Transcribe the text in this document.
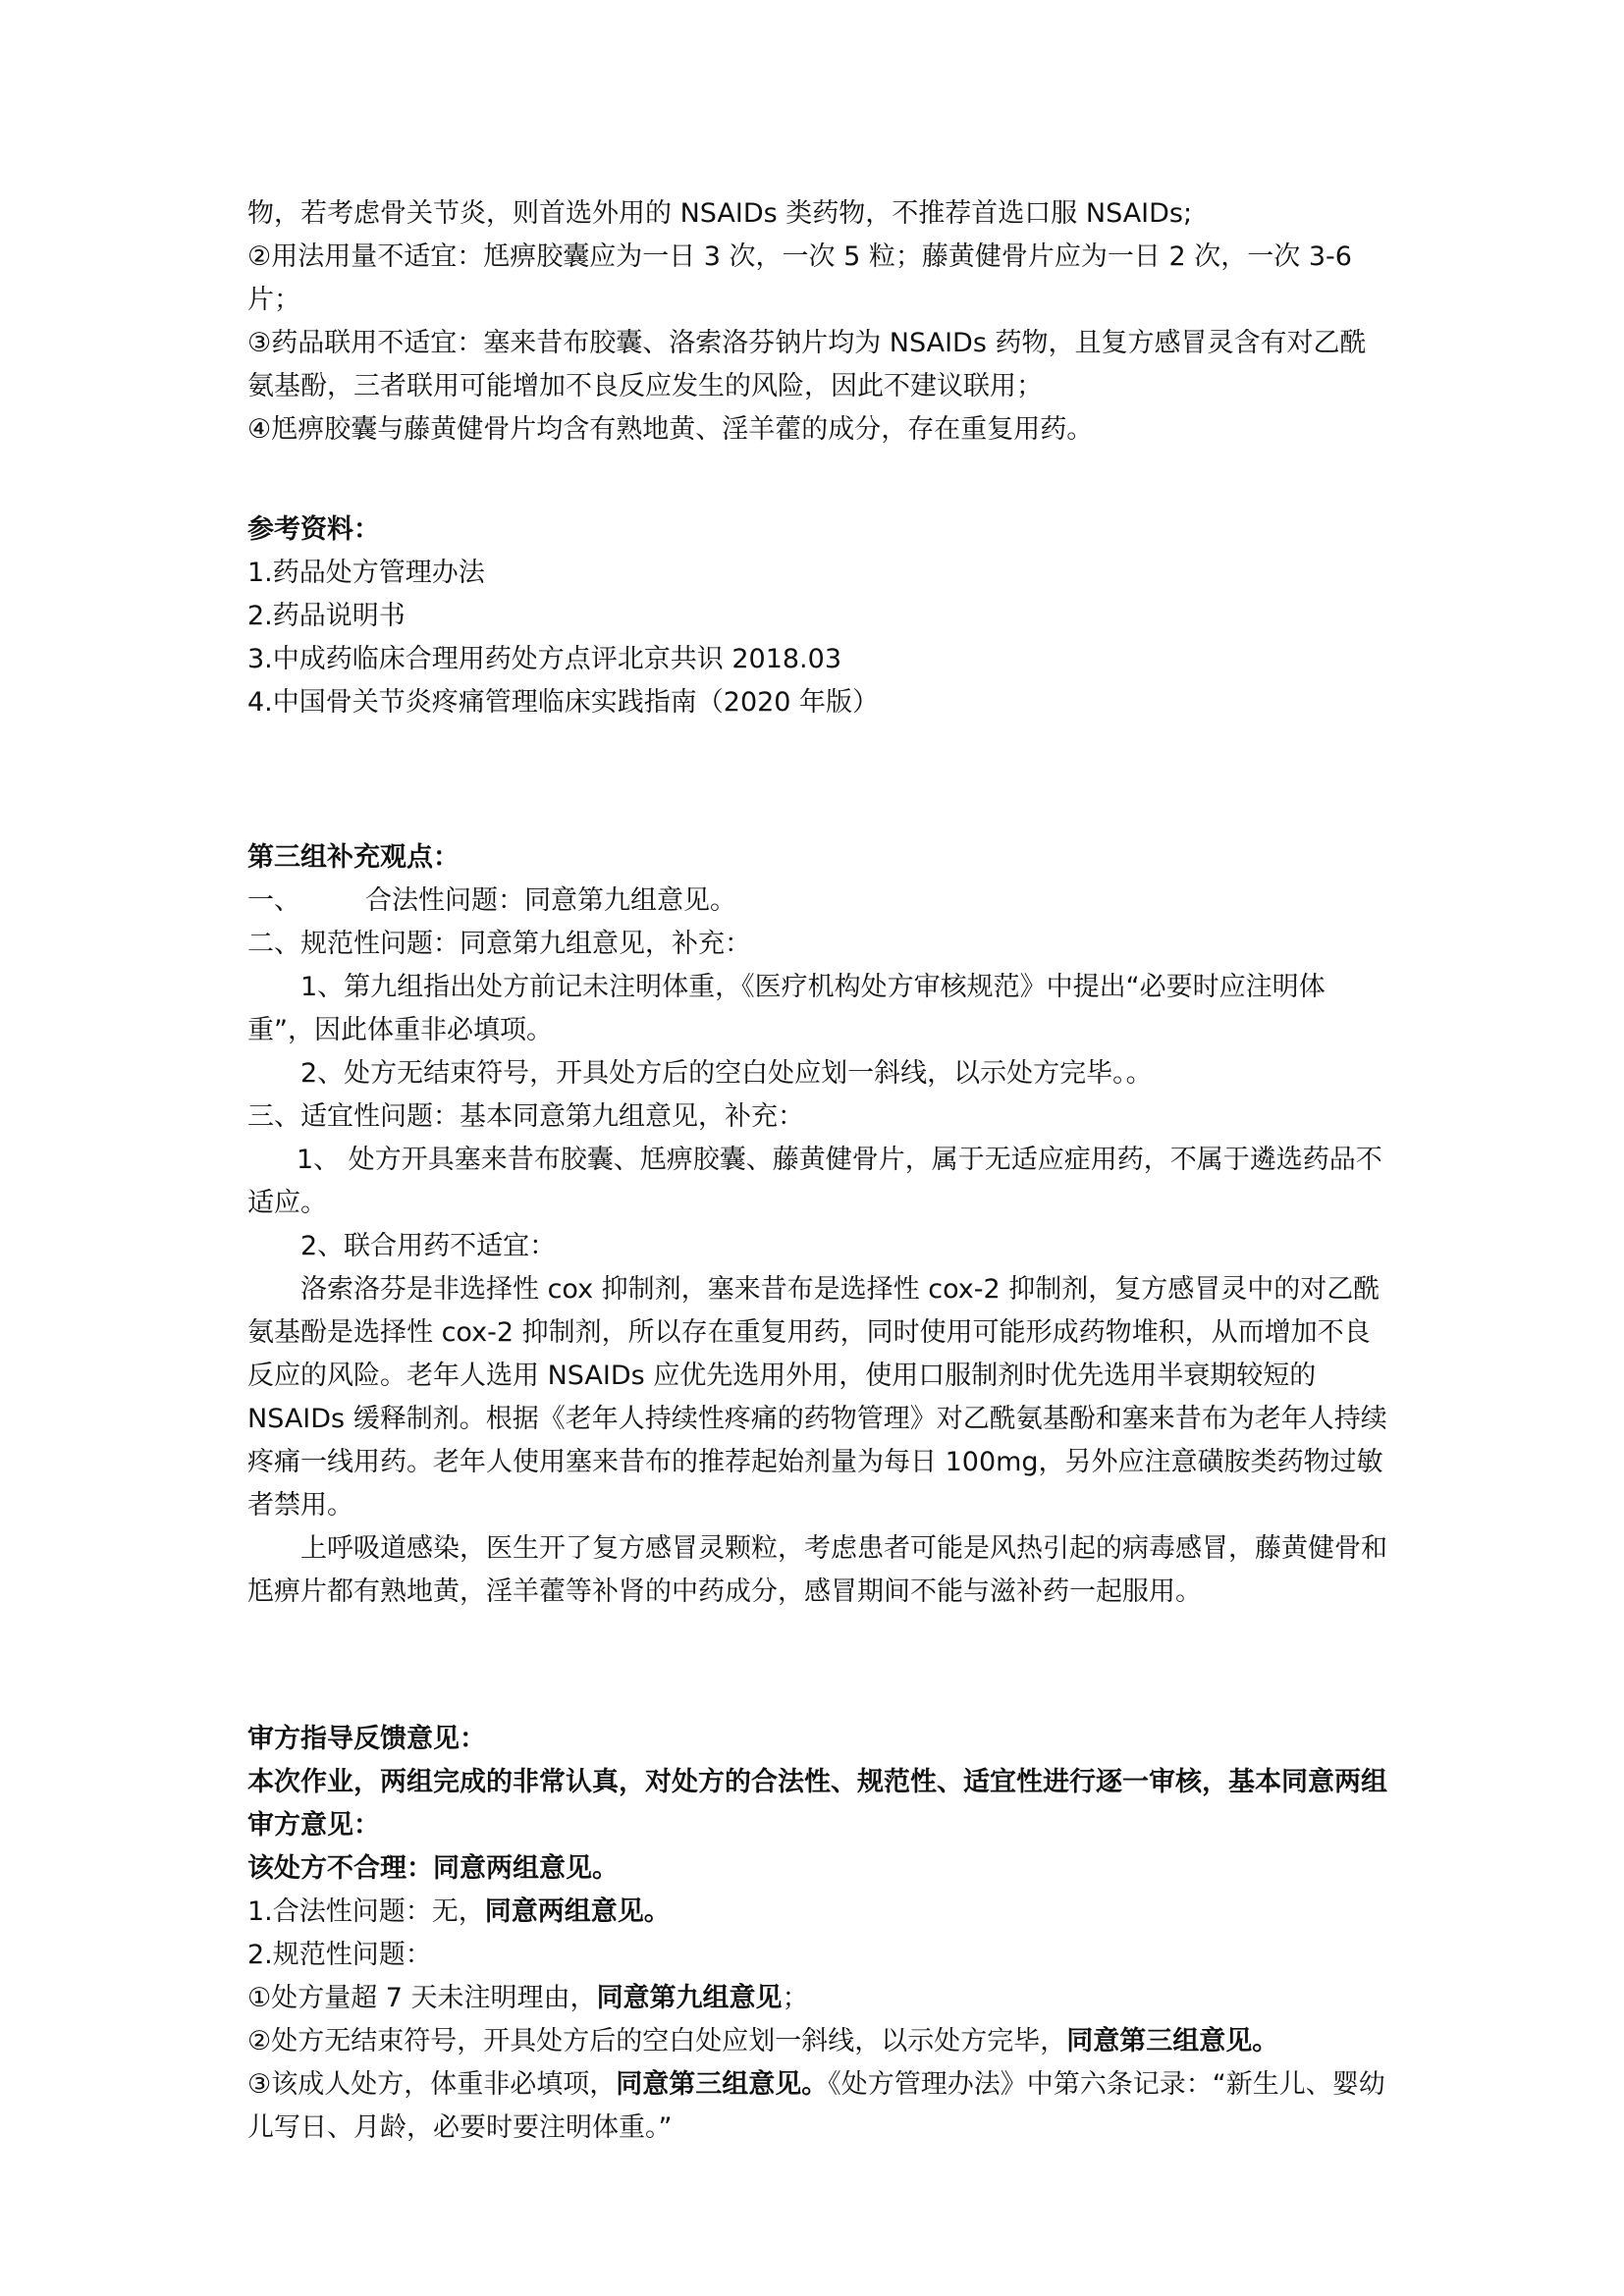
物，若考虑骨关节炎，则首选外用的 NSAIDs 类药物，不推荐首选口服 NSAIDs;

②用法用量不适宜：尪痹胶囊应为一日 3 次，一次 5 粒；藤黄健骨片应为一日 2 次，一次 3-6 片；

③药品联用不适宜：塞来昔布胶囊、洛索洛芬钠片均为 NSAIDs 药物，且复方感冒灵含有对乙酰氨基酚，三者联用可能增加不良反应发生的风险，因此不建议联用；

④尪痹胶囊与藤黄健骨片均含有熟地黄、淫羊藿的成分，存在重复用药。

参考资料：

1.药品处方管理办法

2.药品说明书

3.中成药临床合理用药处方点评北京共识 2018.03

4.中国骨关节炎疼痛管理临床实践指南（2020 年版）

第三组补充观点：

一、 合法性问题：同意第九组意见。

二、规范性问题：同意第九组意见，补充：

1、第九组指出处方前记未注明体重，《医疗机构处方审核规范》中提出“必要时应注明体重”，因此体重非必填项。

2、处方无结束符号，开具处方后的空白处应划一斜线，以示处方完毕。。

三、适宜性问题：基本同意第九组意见，补充：

1、 处方开具塞来昔布胶囊、尪痹胶囊、藤黄健骨片，属于无适应症用药，不属于遴选药品不适应。

2、联合用药不适宜：

洛索洛芬是非选择性 cox 抑制剂，塞来昔布是选择性 cox-2 抑制剂，复方感冒灵中的对乙酰氨基酚是选择性 cox-2 抑制剂，所以存在重复用药，同时使用可能形成药物堆积，从而增加不良反应的风险。老年人选用 NSAIDs 应优先选用外用，使用口服制剂时优先选用半衰期较短的 NSAIDs 缓释制剂。根据《老年人持续性疼痛的药物管理》对乙酰氨基酚和塞来昔布为老年人持续疼痛一线用药。老年人使用塞来昔布的推荐起始剂量为每日 100mg，另外应注意磺胺类药物过敏者禁用。

上呼吸道感染，医生开了复方感冒灵颗粒，考虑患者可能是风热引起的病毒感冒，藤黄健骨和尪痹片都有熟地黄，淫羊藿等补肾的中药成分，感冒期间不能与滋补药一起服用。

审方指导反馈意见：

本次作业，两组完成的非常认真，对处方的合法性、规范性、适宜性进行逐一审核，基本同意两组审方意见：

该处方不合理：同意两组意见。

1.合法性问题：无，同意两组意见。

2.规范性问题：

①处方量超 7 天未注明理由，同意第九组意见；

②处方无结束符号，开具处方后的空白处应划一斜线，以示处方完毕，同意第三组意见。

③该成人处方，体重非必填项，同意第三组意见。《处方管理办法》中第六条记录：“新生儿、婴幼儿写日、月龄，必要时要注明体重。”
